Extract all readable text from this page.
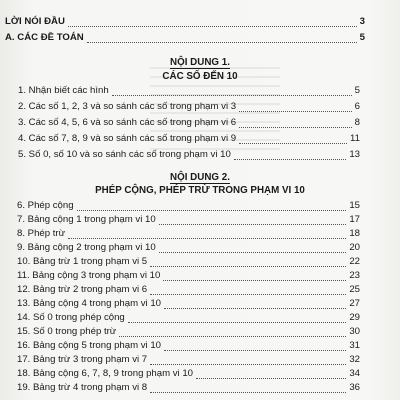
LỜI NÓI ĐẦU	3
A. CÁC ĐỀ TOÁN	5
NỘI DUNG 1.
CÁC SỐ ĐẾN 10
1. Nhận biết các hình	5
2. Các số 1, 2, 3 và so sánh các số trong phạm vi 3	6
3. Các số 4, 5, 6 và so sánh các số trong phạm vi 6	8
4. Các số 7, 8, 9 và so sánh các số trong phạm vi 9	11
5. Số 0, số 10 và so sánh các số trong phạm vi 10	13
NỘI DUNG 2.
PHÉP CỘNG, PHÉP TRỪ TRONG PHẠM VI 10
6. Phép cộng	15
7. Bảng cộng 1 trong phạm vi 10	17
8. Phép trừ	18
9. Bảng cộng 2 trong phạm vi 10	20
10. Bảng trừ 1 trong phạm vi 5	22
11. Bảng cộng 3 trong phạm vi 10	23
12. Bảng trừ 2 trong phạm vi 6	25
13. Bảng cộng 4 trong phạm vi 10	27
14. Số 0 trong phép cộng	29
15. Số 0 trong phép trừ	30
16. Bảng cộng 5 trong phạm vi 10	31
17. Bảng trừ 3 trong phạm vi 7	32
18. Bảng cộng 6, 7, 8, 9 trong phạm vi 10	34
19. Bảng trừ 4 trong phạm vi 8	36
